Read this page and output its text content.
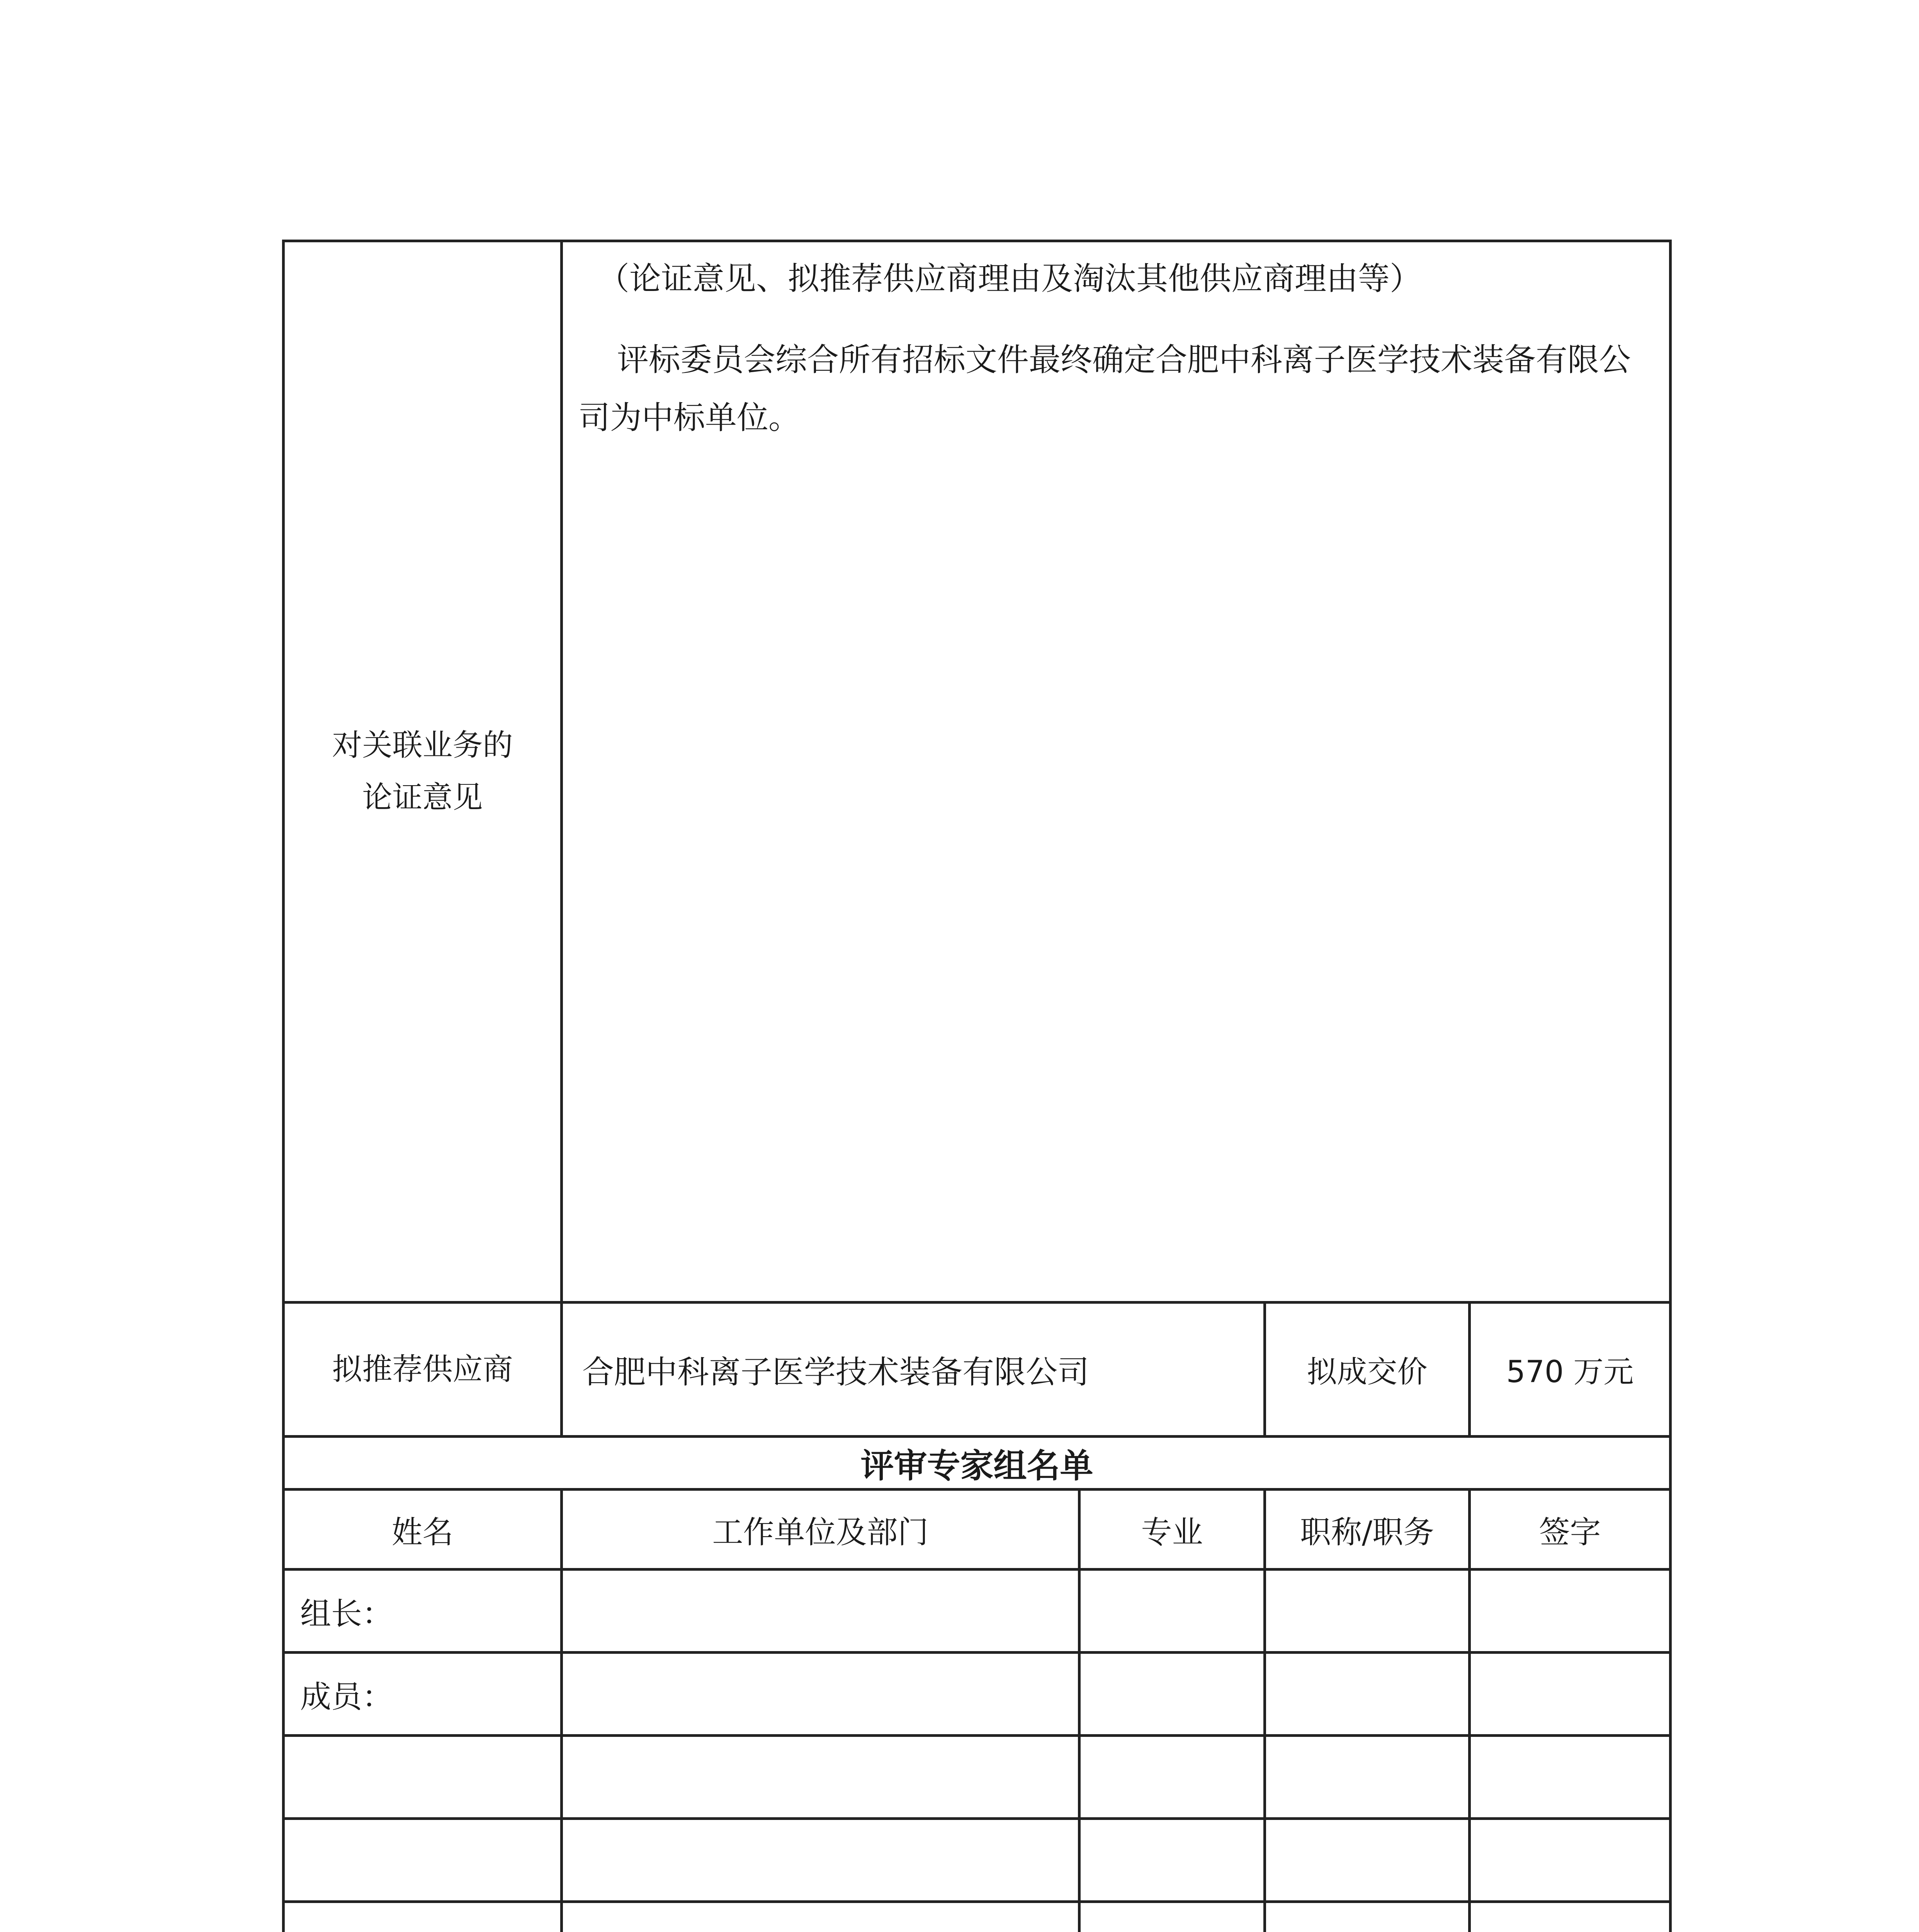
对关联业务的
论证意见	（论证意见、拟推荐供应商理由及淘汰其他供应商理由等）
评标委员会综合所有招标文件最终确定合肥中科离子医学技术装备有限公司为中标单位。			

拟推荐供应商	合肥中科离子医学技术装备有限公司		拟成交价	570 万元
评审专家组名单				
姓名	工作单位及部门	专业	职称/职务	签字
组长：				
成员：				
